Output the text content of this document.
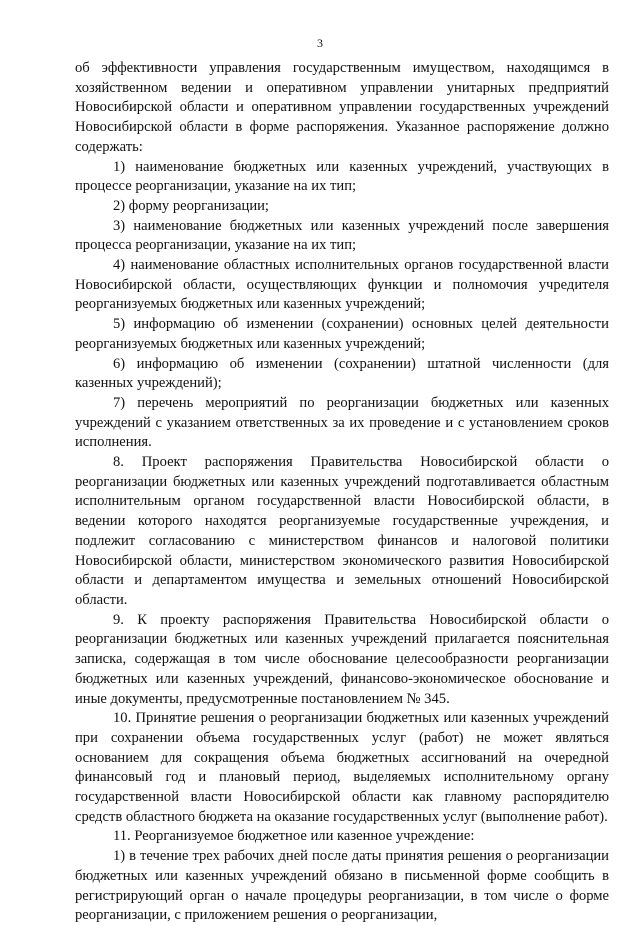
3

об эффективности управления государственным имуществом, находящимся в хозяйственном ведении и оперативном управлении унитарных предприятий Новосибирской области и оперативном управлении государственных учреждений Новосибирской области в форме распоряжения. Указанное распоряжение должно содержать:

1) наименование бюджетных или казенных учреждений, участвующих в процессе реорганизации, указание на их тип;

2) форму реорганизации;

3) наименование бюджетных или казенных учреждений после завершения процесса реорганизации, указание на их тип;

4) наименование областных исполнительных органов государственной власти Новосибирской области, осуществляющих функции и полномочия учредителя реорганизуемых бюджетных или казенных учреждений;

5) информацию об изменении (сохранении) основных целей деятельности реорганизуемых бюджетных или казенных учреждений;

6) информацию об изменении (сохранении) штатной численности (для казенных учреждений);

7) перечень мероприятий по реорганизации бюджетных или казенных учреждений с указанием ответственных за их проведение и с установлением сроков исполнения.

8. Проект распоряжения Правительства Новосибирской области о реорганизации бюджетных или казенных учреждений подготавливается областным исполнительным органом государственной власти Новосибирской области, в ведении которого находятся реорганизуемые государственные учреждения, и подлежит согласованию с министерством финансов и налоговой политики Новосибирской области, министерством экономического развития Новосибирской области и департаментом имущества и земельных отношений Новосибирской области.

9. К проекту распоряжения Правительства Новосибирской области о реорганизации бюджетных или казенных учреждений прилагается пояснительная записка, содержащая в том числе обоснование целесообразности реорганизации бюджетных или казенных учреждений, финансово-экономическое обоснование и иные документы, предусмотренные постановлением № 345.

10. Принятие решения о реорганизации бюджетных или казенных учреждений при сохранении объема государственных услуг (работ) не может являться основанием для сокращения объема бюджетных ассигнований на очередной финансовый год и плановый период, выделяемых исполнительному органу государственной власти Новосибирской области как главному распорядителю средств областного бюджета на оказание государственных услуг (выполнение работ).

11. Реорганизуемое бюджетное или казенное учреждение:

1) в течение трех рабочих дней после даты принятия решения о реорганизации бюджетных или казенных учреждений обязано в письменной форме сообщить в регистрирующий орган о начале процедуры реорганизации, в том числе о форме реорганизации, с приложением решения о реорганизации,
